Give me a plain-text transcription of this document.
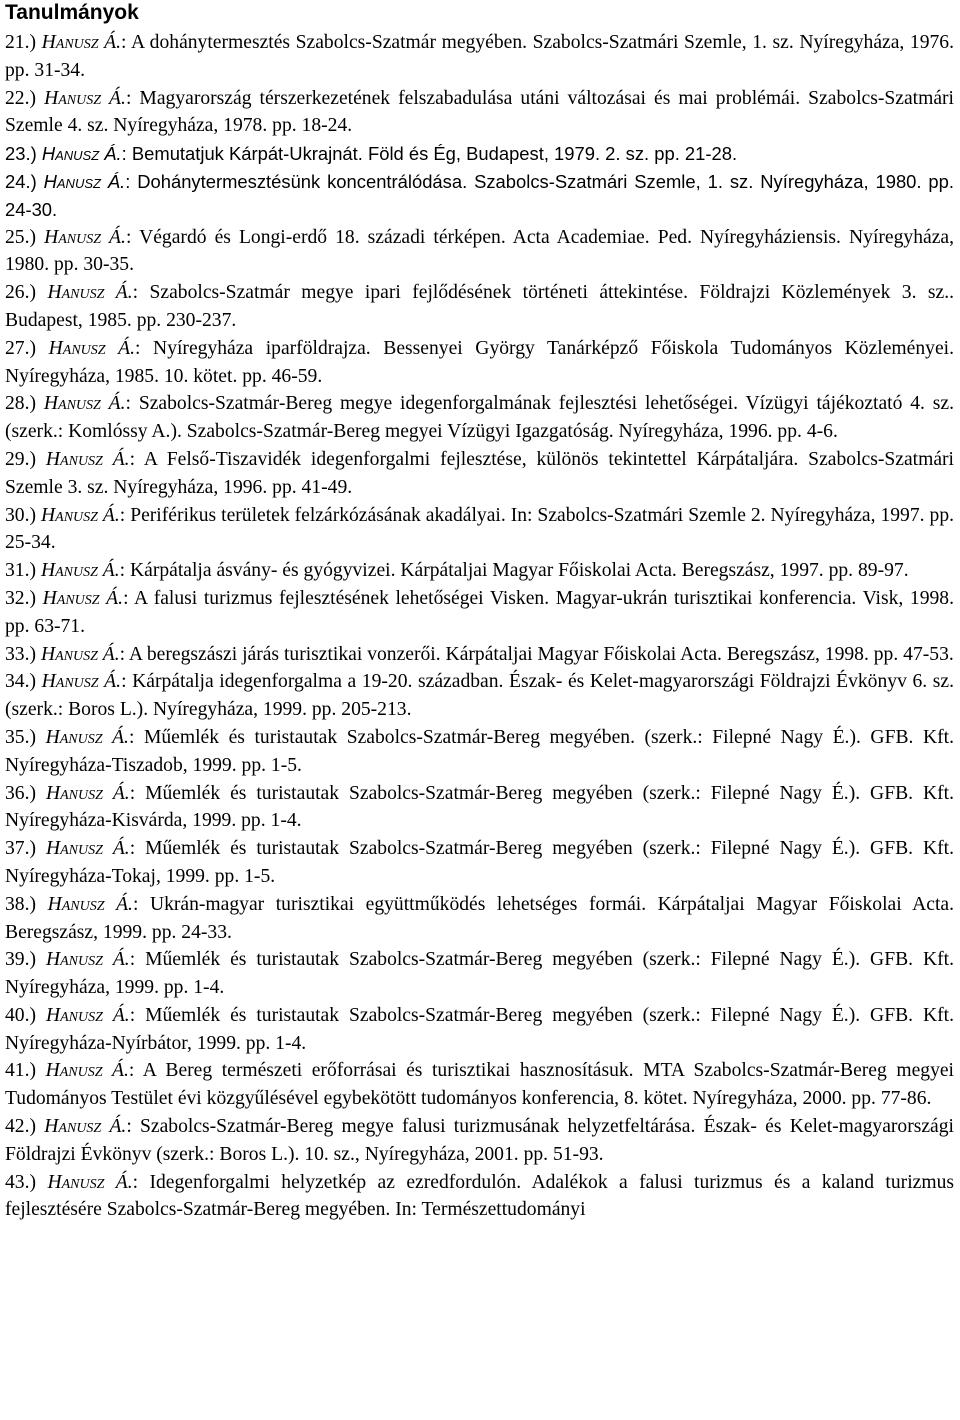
Tanulmányok

21.) Hanusz Á.: A dohánytermesztés Szabolcs-Szatmár megyében. Szabolcs-Szatmári Szemle, 1. sz. Nyíregyháza, 1976. pp. 31-34.

22.) Hanusz Á.: Magyarország térszerkezetének felszabadulása utáni változásai és mai problémái. Szabolcs-Szatmári Szemle 4. sz. Nyíregyháza, 1978. pp. 18-24.

23.) Hanusz Á.: Bemutatjuk Kárpát-Ukrajnát. Föld és Ég, Budapest, 1979. 2. sz. pp. 21-28.

24.) Hanusz Á.: Dohánytermesztésünk koncentrálódása. Szabolcs-Szatmári Szemle, 1. sz. Nyíregyháza, 1980. pp. 24-30.

25.) Hanusz Á.: Végardó és Longi-erdő 18. századi térképen. Acta Academiae. Ped. Nyíregyháziensis. Nyíregyháza, 1980. pp. 30-35.

26.) Hanusz Á.: Szabolcs-Szatmár megye ipari fejlődésének történeti áttekintése. Földrajzi Közlemények 3. sz.. Budapest, 1985. pp. 230-237.

27.) Hanusz Á.: Nyíregyháza iparföldrajza. Bessenyei György Tanárképző Főiskola Tudományos Közleményei. Nyíregyháza, 1985. 10. kötet. pp. 46-59.

28.) Hanusz Á.: Szabolcs-Szatmár-Bereg megye idegenforgalmának fejlesztési lehetőségei. Vízügyi tájékoztató 4. sz. (szerk.: Komlóssy A.). Szabolcs-Szatmár-Bereg megyei Vízügyi Igazgatóság. Nyíregyháza, 1996. pp. 4-6.

29.) Hanusz Á.: A Felső-Tiszavidék idegenforgalmi fejlesztése, különös tekintettel Kárpátaljára. Szabolcs-Szatmári Szemle 3. sz. Nyíregyháza, 1996. pp. 41-49.

30.) Hanusz Á.: Periférikus területek felzárkózásának akadályai. In: Szabolcs-Szatmári Szemle 2. Nyíregyháza, 1997. pp. 25-34.

31.) Hanusz Á.: Kárpátalja ásvány- és gyógyvizei. Kárpátaljai Magyar Főiskolai Acta. Beregszász, 1997. pp. 89-97.

32.) Hanusz Á.: A falusi turizmus fejlesztésének lehetőségei Visken. Magyar-ukrán turisztikai konferencia. Visk, 1998. pp. 63-71.

33.) Hanusz Á.: A beregszászi járás turisztikai vonzerői. Kárpátaljai Magyar Főiskolai Acta. Beregszász, 1998. pp. 47-53.

34.) Hanusz Á.: Kárpátalja idegenforgalma a 19-20. században. Észak- és Kelet-magyarországi Földrajzi Évkönyv 6. sz. (szerk.: Boros L.). Nyíregyháza, 1999. pp. 205-213.

35.) Hanusz Á.: Műemlék és turistautak Szabolcs-Szatmár-Bereg megyében. (szerk.: Filepné Nagy É.). GFB. Kft. Nyíregyháza-Tiszadob, 1999. pp. 1-5.

36.) Hanusz Á.: Műemlék és turistautak Szabolcs-Szatmár-Bereg megyében (szerk.: Filepné Nagy É.). GFB. Kft. Nyíregyháza-Kisvárda, 1999. pp. 1-4.

37.) Hanusz Á.: Műemlék és turistautak Szabolcs-Szatmár-Bereg megyében (szerk.: Filepné Nagy É.). GFB. Kft. Nyíregyháza-Tokaj, 1999. pp. 1-5.

38.) Hanusz Á.: Ukrán-magyar turisztikai együttműködés lehetséges formái. Kárpátaljai Magyar Főiskolai Acta. Beregszász, 1999. pp. 24-33.

39.) Hanusz Á.: Műemlék és turistautak Szabolcs-Szatmár-Bereg megyében (szerk.: Filepné Nagy É.). GFB. Kft. Nyíregyháza, 1999. pp. 1-4.

40.) Hanusz Á.: Műemlék és turistautak Szabolcs-Szatmár-Bereg megyében (szerk.: Filepné Nagy É.). GFB. Kft. Nyíregyháza-Nyírbátor, 1999. pp. 1-4.

41.) Hanusz Á.: A Bereg természeti erőforrásai és turisztikai hasznosításuk. MTA Szabolcs-Szatmár-Bereg megyei Tudományos Testület évi közgyűlésével egybekötött tudományos konferencia, 8. kötet. Nyíregyháza, 2000. pp. 77-86.

42.) Hanusz Á.: Szabolcs-Szatmár-Bereg megye falusi turizmusának helyzetfeltárása. Észak- és Kelet-magyarországi Földrajzi Évkönyv (szerk.: Boros L.). 10. sz., Nyíregyháza, 2001. pp. 51-93.

43.) Hanusz Á.: Idegenforgalmi helyzetkép az ezredfordulón. Adalékok a falusi turizmus és a kaland turizmus fejlesztésére Szabolcs-Szatmár-Bereg megyében. In: Természettudományi
